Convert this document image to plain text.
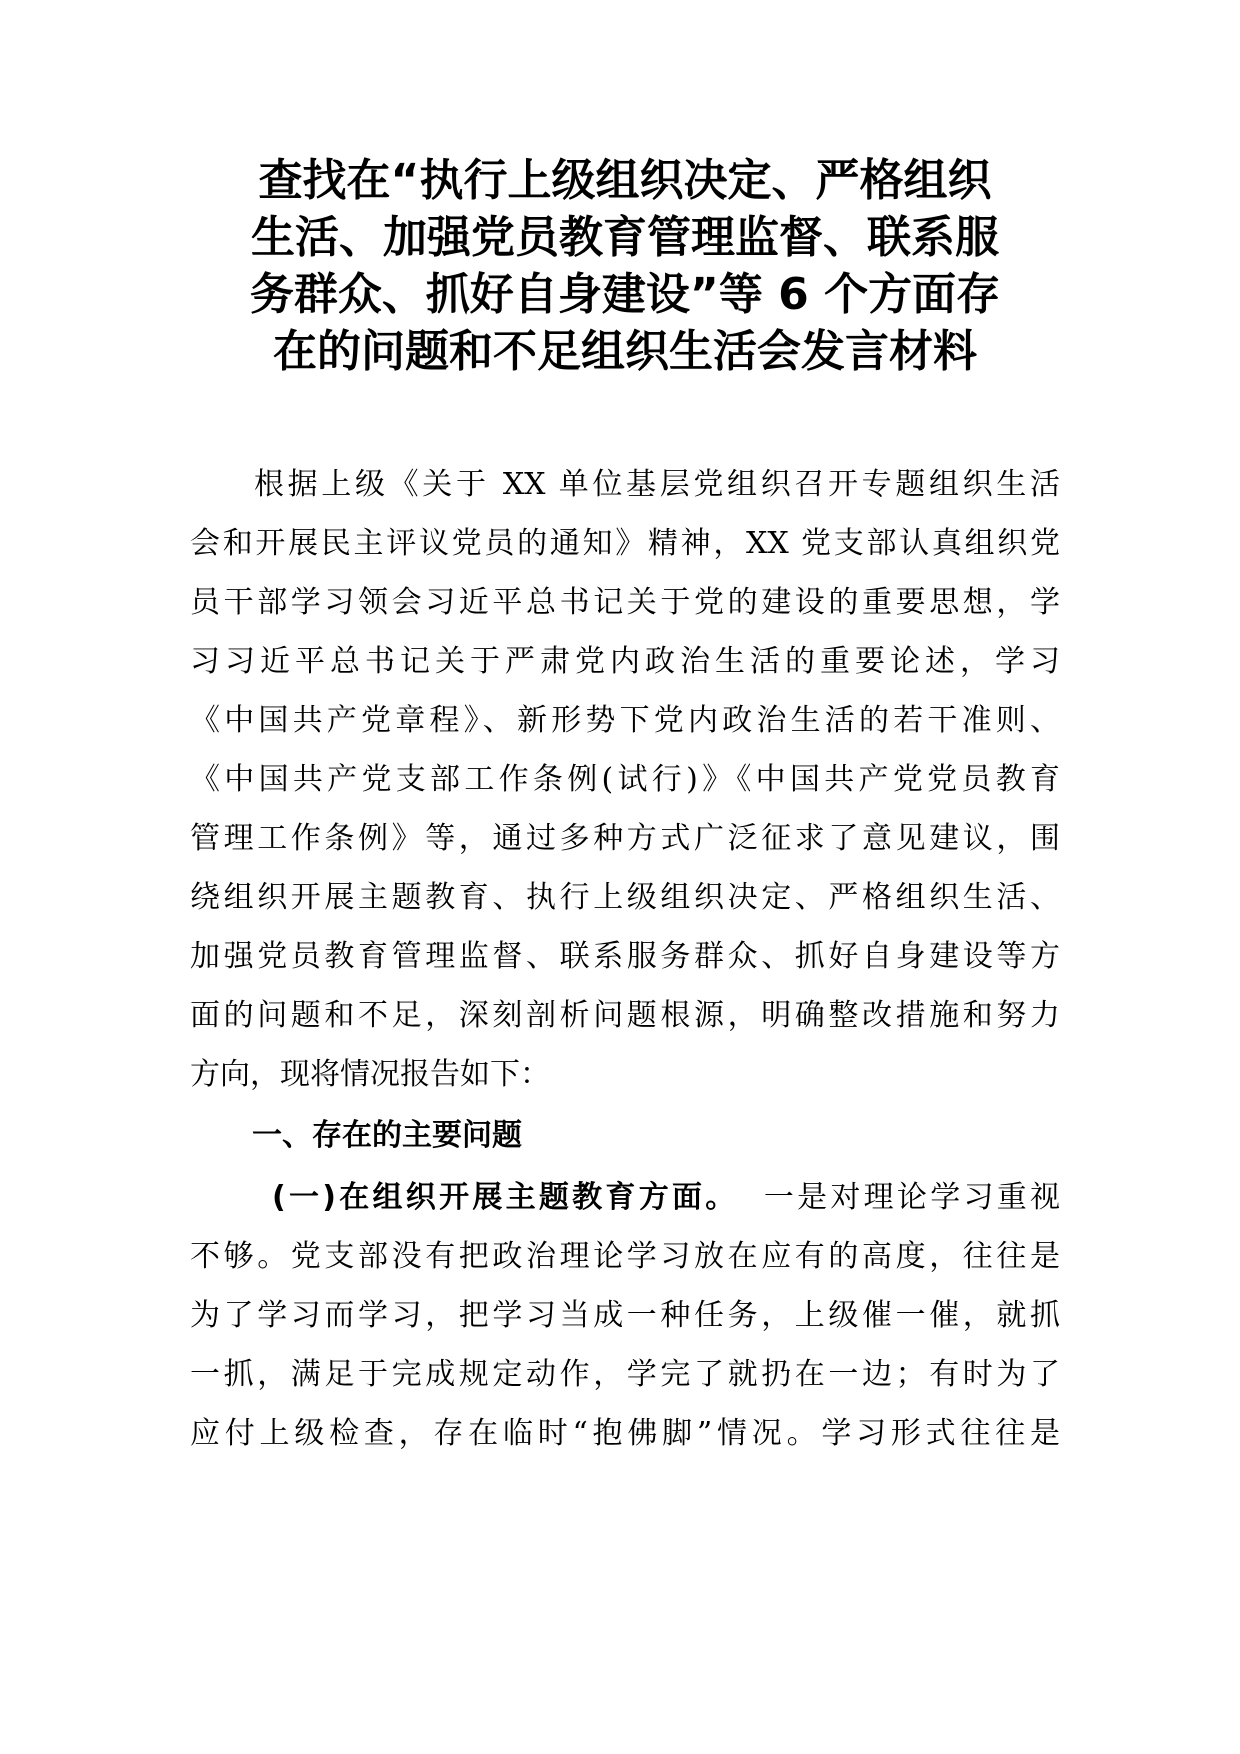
查找在“执行上级组织决定、严格组织
生活、加强党员教育管理监督、联系服
务群众、抓好自身建设”等 6 个方面存
在的问题和不足组织生活会发言材料
根据上级《关于 XX 单位基层党组织召开专题组织生活
会和开展民主评议党员的通知》精神，XX 党支部认真组织党
员干部学习领会习近平总书记关于党的建设的重要思想，学
习习近平总书记关于严肃党内政治生活的重要论述，学习
《中国共产党章程》、新形势下党内政治生活的若干准则、
《中国共产党支部工作条例(试行)》《中国共产党党员教育
管理工作条例》等，通过多种方式广泛征求了意见建议，围
绕组织开展主题教育、执行上级组织决定、严格组织生活、
加强党员教育管理监督、联系服务群众、抓好自身建设等方
面的问题和不足，深刻剖析问题根源，明确整改措施和努力
方向，现将情况报告如下：
一、存在的主要问题
(一)在组织开展主题教育方面。 一是对理论学习重视
不够。党支部没有把政治理论学习放在应有的高度，往往是
为了学习而学习，把学习当成一种任务，上级催一催，就抓
一抓，满足于完成规定动作，学完了就扔在一边；有时为了
应付上级检查，存在临时“抱佛脚”情况。学习形式往往是
